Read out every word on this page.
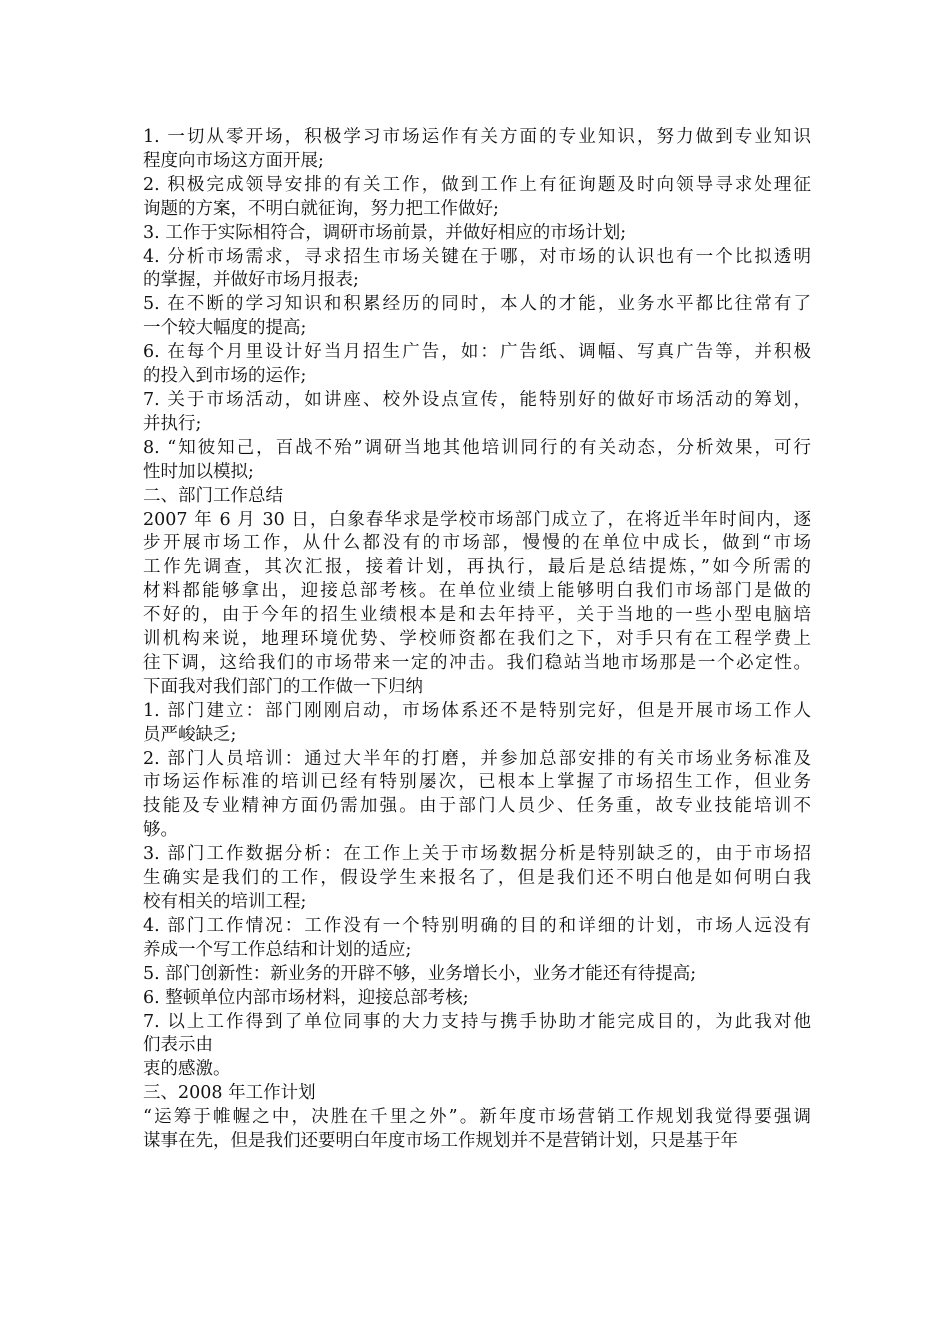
1. 一切从零开场，积极学习市场运作有关方面的专业知识，努力做到专业知识
程度向市场这方面开展;
2. 积极完成领导安排的有关工作，做到工作上有征询题及时向领导寻求处理征
询题的方案，不明白就征询，努力把工作做好;
3. 工作于实际相符合，调研市场前景，并做好相应的市场计划;
4. 分析市场需求，寻求招生市场关键在于哪，对市场的认识也有一个比拟透明
的掌握，并做好市场月报表;
5. 在不断的学习知识和积累经历的同时，本人的才能，业务水平都比往常有了
一个较大幅度的提高;
6. 在每个月里设计好当月招生广告，如：广告纸、调幅、写真广告等，并积极
的投入到市场的运作;
7. 关于市场活动，如讲座、校外设点宣传，能特别好的做好市场活动的筹划，
并执行;
8. “知彼知己，百战不殆”调研当地其他培训同行的有关动态，分析效果，可行
性时加以模拟;
二、部门工作总结
2007 年 6 月 30 日，白象春华求是学校市场部门成立了，在将近半年时间内，逐
步开展市场工作，从什么都没有的市场部，慢慢的在单位中成长，做到“市场
工作先调查，其次汇报，接着计划，再执行，最后是总结提炼，”如今所需的
材料都能够拿出，迎接总部考核。在单位业绩上能够明白我们市场部门是做的
不好的，由于今年的招生业绩根本是和去年持平，关于当地的一些小型电脑培
训机构来说，地理环境优势、学校师资都在我们之下，对手只有在工程学费上
往下调，这给我们的市场带来一定的冲击。我们稳站当地市场那是一个必定性。
下面我对我们部门的工作做一下归纳
1. 部门建立：部门刚刚启动，市场体系还不是特别完好，但是开展市场工作人
员严峻缺乏;
2. 部门人员培训：通过大半年的打磨，并参加总部安排的有关市场业务标准及
市场运作标准的培训已经有特别屡次，已根本上掌握了市场招生工作，但业务
技能及专业精神方面仍需加强。由于部门人员少、任务重，故专业技能培训不
够。
3. 部门工作数据分析：在工作上关于市场数据分析是特别缺乏的，由于市场招
生确实是我们的工作，假设学生来报名了，但是我们还不明白他是如何明白我
校有相关的培训工程;
4. 部门工作情况：工作没有一个特别明确的目的和详细的计划，市场人远没有
养成一个写工作总结和计划的适应;
5. 部门创新性：新业务的开辟不够，业务增长小，业务才能还有待提高;
6. 整顿单位内部市场材料，迎接总部考核;
7. 以上工作得到了单位同事的大力支持与携手协助才能完成目的，为此我对他
们表示由
衷的感激。
三、2008 年工作计划
“运筹于帷幄之中，决胜在千里之外”。新年度市场营销工作规划我觉得要强调
谋事在先，但是我们还要明白年度市场工作规划并不是营销计划，只是基于年
